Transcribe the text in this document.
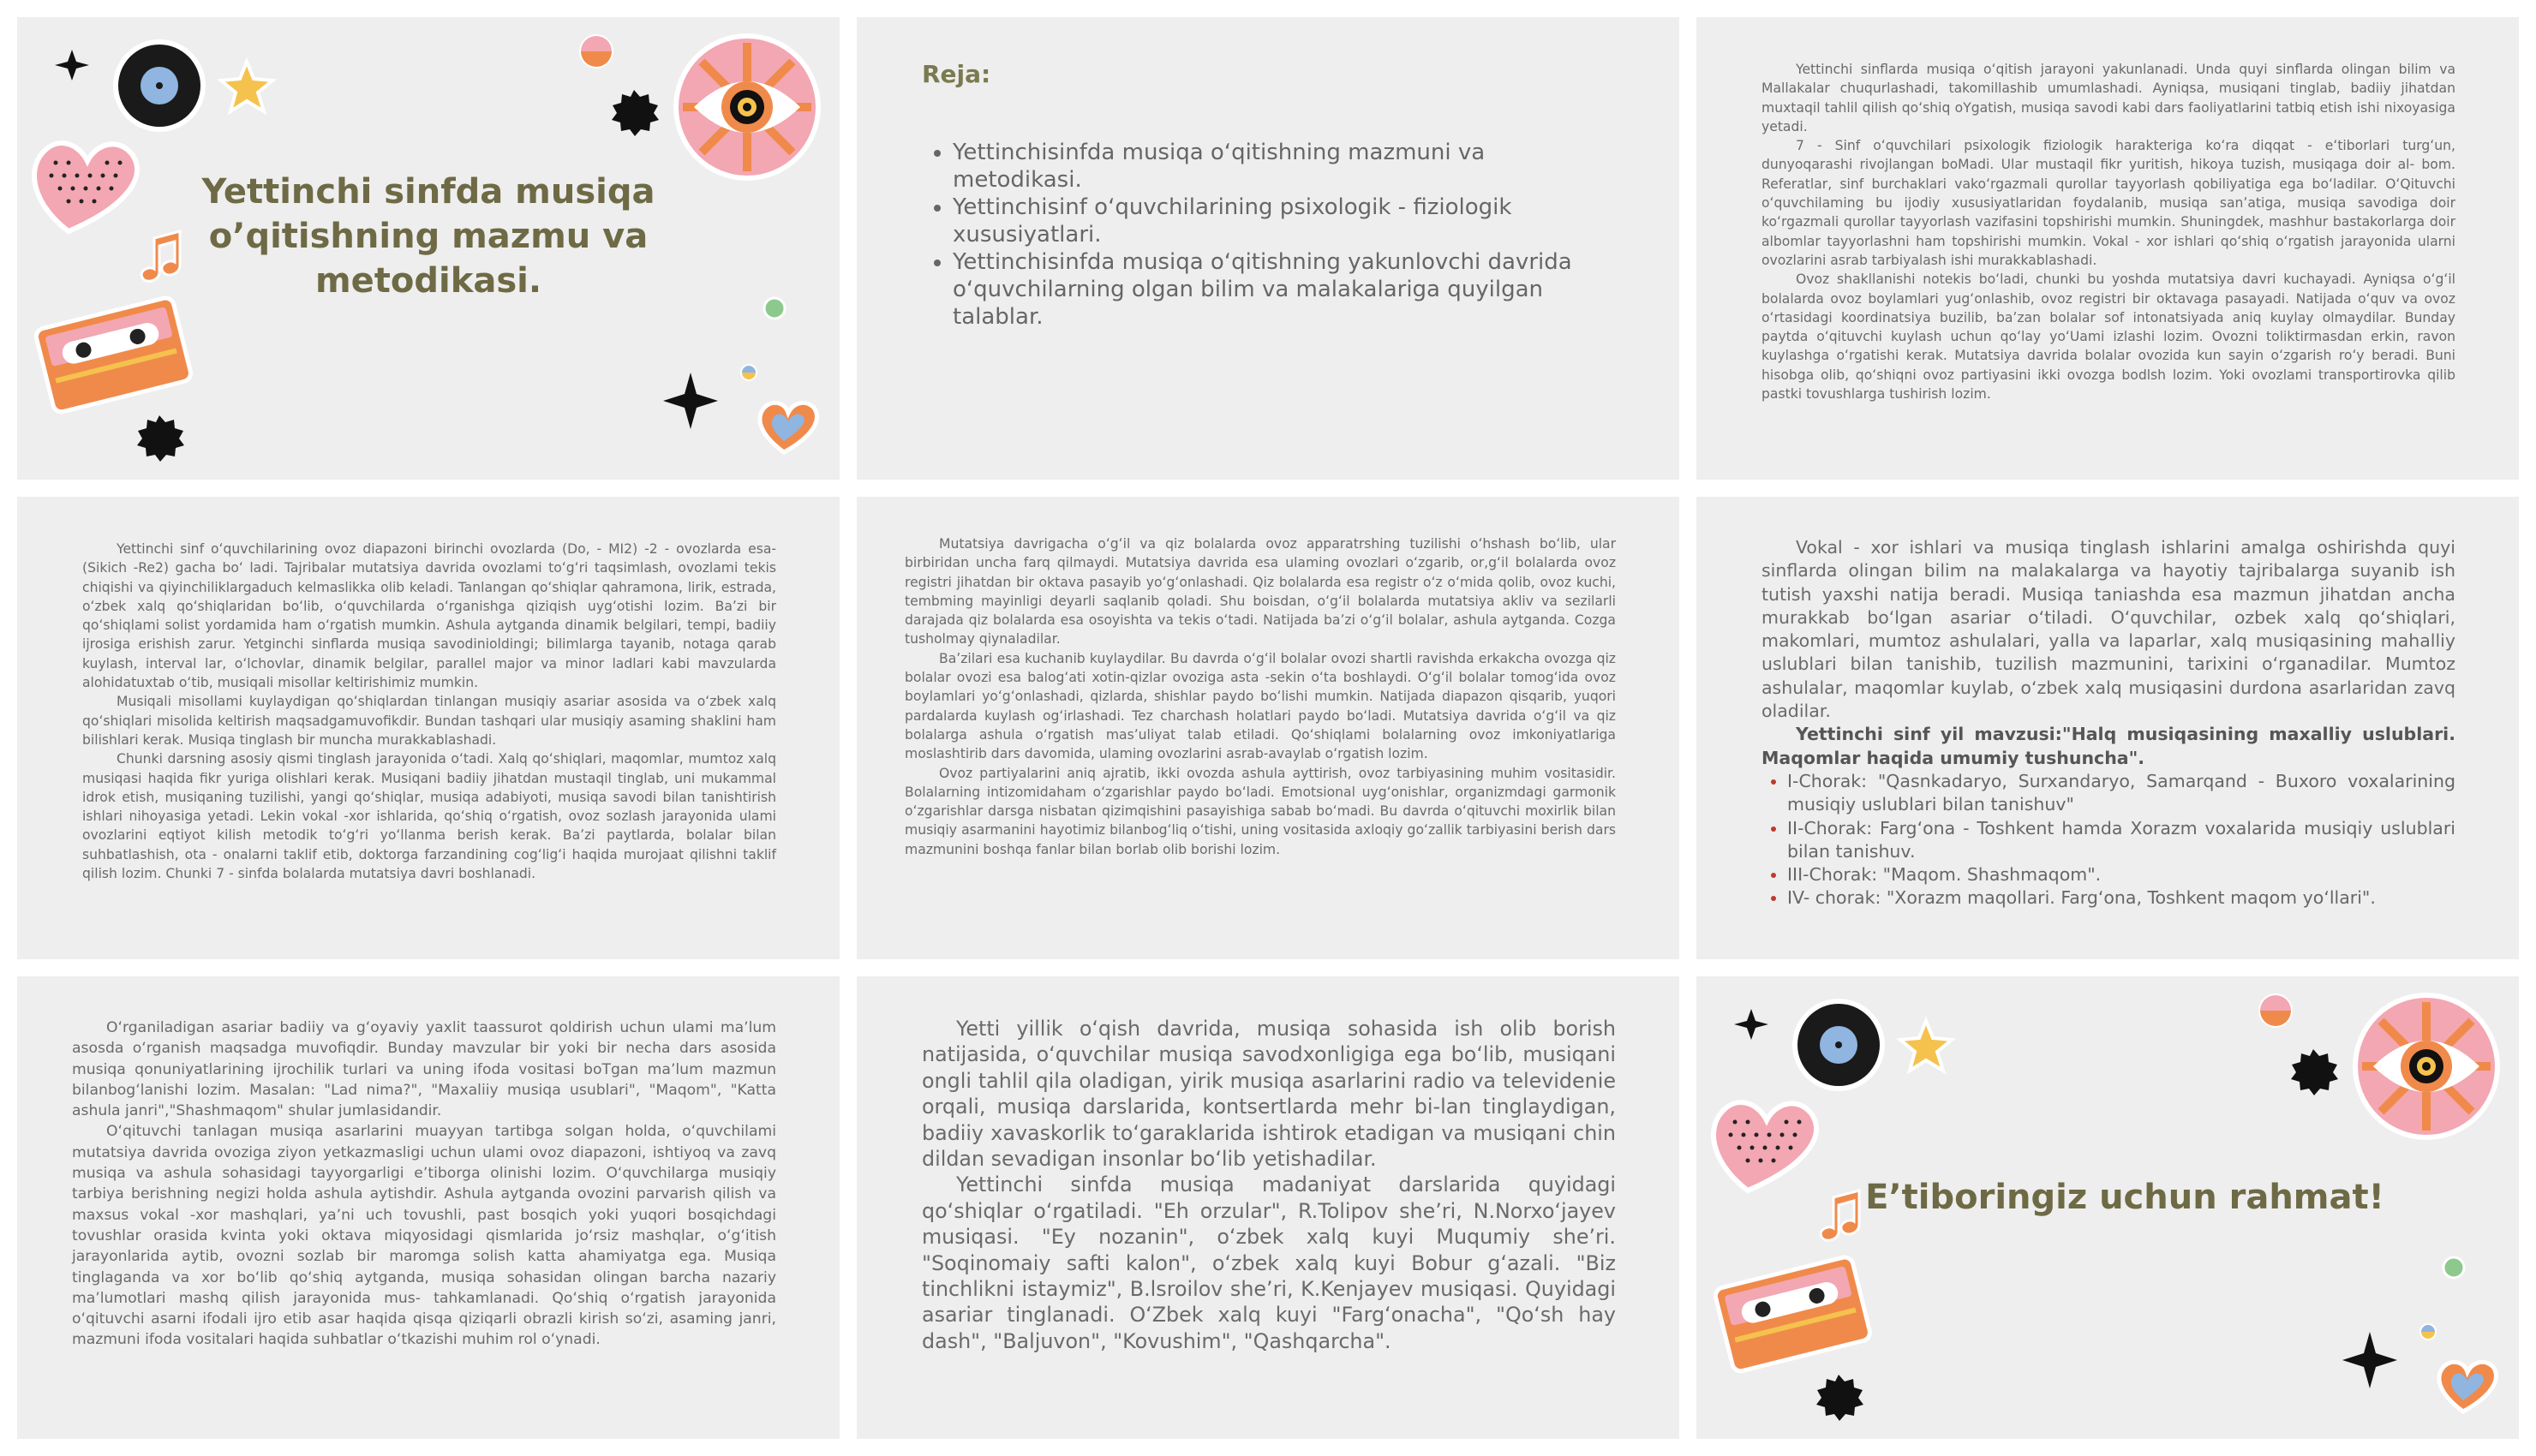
Yettinchi sinfda musiqa
o’qitishning mazmu va
metodikasi.
Reja:
• Yettinchisinfda musiqa oʻqitishning mazmuni va metodikasi.
• Yettinchisinf oʻquvchilarining psixologik - fiziologik xususiyatlari.
• Yettinchisinfda musiqa oʻqitishning yakunlovchi davrida oʻquvchilarning olgan bilim va malakalariga quyilgan talablar.

Yettinchi sinflarda musiqa oʻqitish jarayoni yakunlanadi. Unda quyi sinflarda olingan bilim va Mallakalar chuqurlashadi, takomillashib umumlashadi. Ayniqsa, musiqani tinglab, badiiy jihatdan muxtaqil tahlil qilish qoʻshiq oYgatish, musiqa savodi kabi dars faoliyatlarini tatbiq etish ishi nixoyasiga yetadi.

7 - Sinf oʻquvchilari psixologik fiziologik harakteriga koʻra diqqat - eʻtiborlari turgʻun, dunyoqarashi rivojlangan boMadi. Ular mustaqil fikr yuritish, hikoya tuzish, musiqaga doir al- bom. Referatlar, sinf burchaklari vakoʻrgazmali qurollar tayyorlash qobiliyatiga ega boʻladilar. OʻQituvchi oʻquvchilaming bu ijodiy xususiyatlaridan foydalanib, musiqa sanʼatiga, musiqa savodiga doir koʻrgazmali qurollar tayyorlash vazifasini topshirishi mumkin. Shuningdek, mashhur bastakorlarga doir albomlar tayyorlashni ham topshirishi mumkin. Vokal - xor ishlari qoʻshiq oʻrgatish jarayonida ularni ovozlarini asrab tarbiyalash ishi murakkablashadi.

Ovoz shakllanishi notekis boʻladi, chunki bu yoshda mutatsiya davri kuchayadi. Ayniqsa oʻgʻil bolalarda ovoz boylamlari yugʻonlashib, ovoz registri bir oktavaga pasayadi. Natijada oʻquv va ovoz oʻrtasidagi koordinatsiya buzilib, baʼzan bolalar sof intonatsiyada aniq kuylay olmaydilar. Bunday paytda oʻqituvchi kuylash uchun qoʻlay yoʻUami izlashi lozim. Ovozni toliktirmasdan erkin, ravon kuylashga oʻrgatishi kerak. Mutatsiya davrida bolalar ovozida kun sayin oʻzgarish roʻy beradi. Buni hisobga olib, qoʻshiqni ovoz partiyasini ikki ovozga bodlsh lozim. Yoki ovozlami transportirovka qilib pastki tovushlarga tushirish lozim.

Yettinchi sinf oʻquvchilarining ovoz diapazoni birinchi ovozlarda (Do, - MI2) -2 - ovozlarda esa- (Sikich -Re2) gacha boʻ ladi. Tajribalar mutatsiya davrida ovozlami toʻgʻri taqsimlash, ovozlami tekis chiqishi va qiyinchiliklargaduch kelmaslikka olib keladi. Tanlangan qoʻshiqlar qahramona, lirik, estrada, oʻzbek xalq qoʻshiqlaridan boʻlib, oʻquvchilarda oʻrganishga qiziqish uygʻotishi lozim. Baʼzi bir qoʻshiqlami solist yordamida ham oʻrgatish mumkin. Ashula aytganda dinamik belgilari, tempi, badiiy ijrosiga erishish zarur. Yetginchi sinflarda musiqa savodinioldingi; bilimlarga tayanib, notaga qarab kuylash, interval lar, oʻlchovlar, dinamik belgilar, parallel major va minor ladlari kabi mavzularda alohidatuxtab oʻtib, musiqali misollar keltirishimiz mumkin.

Musiqali misollami kuylaydigan qoʻshiqlardan tinlangan musiqiy asariar asosida va oʻzbek xalq qoʻshiqlari misolida keltirish maqsadgamuvofikdir. Bundan tashqari ular musiqiy asaming shaklini ham bilishlari kerak. Musiqa tinglash bir muncha murakkablashadi.

Chunki darsning asosiy qismi tinglash jarayonida oʻtadi. Xalq qoʻshiqlari, maqomlar, mumtoz xalq musiqasi haqida fikr yuriga olishlari kerak. Musiqani badiiy jihatdan mustaqil tinglab, uni mukammal idrok etish, musiqaning tuzilishi, yangi qoʻshiqlar, musiqa adabiyoti, musiqa savodi bilan tanishtirish ishlari nihoyasiga yetadi. Lekin vokal -xor ishlarida, qoʻshiq oʻrgatish, ovoz sozlash jarayonida ulami ovozlarini eqtiyot kilish metodik toʻgʻri yoʻllanma berish kerak. Baʼzi paytlarda, bolalar bilan suhbatlashish, ota - onalarni taklif etib, doktorga farzandining cogʻligʻi haqida murojaat qilishni taklif qilish lozim. Chunki 7 - sinfda bolalarda mutatsiya davri boshlanadi.

Mutatsiya davrigacha oʻgʻil va qiz bolalarda ovoz apparatrshing tuzilishi oʻhshash boʻlib, ular birbiridan uncha farq qilmaydi. Mutatsiya davrida esa ulaming ovozlari oʻzgarib, or,gʻil bolalarda ovoz registri jihatdan bir oktava pasayib yoʻgʻonlashadi. Qiz bolalarda esa registr oʻz oʻmida qolib, ovoz kuchi, tembming mayinligi deyarli saqlanib qoladi. Shu boisdan, oʻgʻil bolalarda mutatsiya akliv va sezilarli darajada qiz bolalarda esa osoyishta va tekis oʻtadi. Natijada baʼzi oʻgʻil bolalar, ashula aytganda. Cozga tusholmay qiynaladilar.

Baʼzilari esa kuchanib kuylaydilar. Bu davrda oʻgʻil bolalar ovozi shartli ravishda erkakcha ovozga qiz bolalar ovozi esa balogʻati xotin-qizlar ovoziga asta -sekin oʻta boshlaydi. Oʻgʻil bolalar tomogʻida ovoz boylamlari yoʻgʻonlashadi, qizlarda, shishlar paydo boʻlishi mumkin. Natijada diapazon qisqarib, yuqori pardalarda kuylash ogʻirlashadi. Tez charchash holatlari paydo boʻladi. Mutatsiya davrida oʻgʻil va qiz bolalarga ashula oʻrgatish masʼuliyat talab etiladi. Qoʻshiqlami bolalarning ovoz imkoniyatlariga moslashtirib dars davomida, ulaming ovozlarini asrab-avaylab oʻrgatish lozim.

Ovoz partiyalarini aniq ajratib, ikki ovozda ashula ayttirish, ovoz tarbiyasining muhim vositasidir. Bolalarning intizomidaham oʻzgarishlar paydo boʻladi. Emotsional uygʻonishlar, organizmdagi garmonik oʻzgarishlar darsga nisbatan qizimqishini pasayishiga sabab boʻmadi. Bu davrda oʻqituvchi moxirlik bilan musiqiy asarmanini hayotimiz bilanbogʻliq oʻtishi, uning vositasida axloqiy goʻzallik tarbiyasini berish dars mazmunini boshqa fanlar bilan borlab olib borishi lozim.

Vokal - xor ishlari va musiqa tinglash ishlarini amalga oshirishda quyi sinflarda olingan bilim na malakalarga va hayotiy tajribalarga suyanib ish tutish yaxshi natija beradi. Musiqa taniashda esa mazmun jihatdan ancha murakkab boʻlgan asariar oʻtiladi. Oʻquvchilar, ozbek xalq qoʻshiqlari, makomlari, mumtoz ashulalari, yalla va laparlar, xalq musiqasining mahalliy uslublari bilan tanishib, tuzilish mazmunini, tarixini oʻrganadilar. Mumtoz ashulalar, maqomlar kuylab, oʻzbek xalq musiqasini durdona asarlaridan zavq oladilar.

Yettinchi sinf yil mavzusi:"Halq musiqasining maxalliy uslublari. Maqomlar haqida umumiy tushuncha".

• I-Chorak: "Qasnkadaryo, Surxandaryo, Samarqand - Buxoro voxalarining musiqiy uslublari bilan tanishuv"
• II-Chorak: Fargʻona - Toshkent hamda Xorazm voxalarida musiqiy uslublari bilan tanishuv.
• III-Chorak: "Maqom. Shashmaqom".
• IV- chorak: "Xorazm maqollari. Fargʻona, Toshkent maqom yoʻllari".

Oʻrganiladigan asariar badiiy va gʻoyaviy yaxlit taassurot qoldirish uchun ulami maʼlum asosda oʻrganish maqsadga muvofiqdir. Bunday mavzular bir yoki bir necha dars asosida musiqa qonuniyatlarining ijrochilik turlari va uning ifoda vositasi boTgan maʼlum mazmun bilanbogʻlanishi lozim. Masalan: "Lad nima?", "Maxaliiy musiqa usublari", "Maqom", "Katta ashula janri","Shashmaqom" shular jumlasidandir.

Oʻqituvchi tanlagan musiqa asarlarini muayyan tartibga solgan holda, oʻquvchilami mutatsiya davrida ovoziga ziyon yetkazmasligi uchun ulami ovoz diapazoni, ishtiyoq va zavq musiqa va ashula sohasidagi tayyorgarligi eʼtiborga olinishi lozim. Oʻquvchilarga musiqiy tarbiya berishning negizi holda ashula aytishdir. Ashula aytganda ovozini parvarish qilish va maxsus vokal -xor mashqlari, yaʼni uch tovushli, past bosqich yoki yuqori bosqichdagi tovushlar orasida kvinta yoki oktava miqyosidagi qismlarida joʻrsiz mashqlar, oʻgʻitish jarayonlarida aytib, ovozni sozlab bir maromga solish katta ahamiyatga ega. Musiqa tinglaganda va xor boʻlib qoʻshiq aytganda, musiqa sohasidan olingan barcha nazariy maʼlumotlari mashq qilish jarayonida mus- tahkamlanadi. Qoʻshiq oʻrgatish jarayonida oʻqituvchi asarni ifodali ijro etib asar haqida qisqa qiziqarli obrazli kirish soʻzi, asaming janri, mazmuni ifoda vositalari haqida suhbatlar oʻtkazishi muhim rol oʻynadi.

Yetti yillik oʻqish davrida, musiqa sohasida ish olib borish natijasida, oʻquvchilar musiqa savodxonligiga ega boʻlib, musiqani ongli tahlil qila oladigan, yirik musiqa asarlarini radio va televidenie orqali, musiqa darslarida, kontsertlarda mehr bi-lan tinglaydigan, badiiy xavaskorlik toʻgaraklarida ishtirok etadigan va musiqani chin dildan sevadigan insonlar boʻlib yetishadilar.

Yettinchi sinfda musiqa madaniyat darslarida quyidagi qoʻshiqlar oʻrgatiladi. "Eh orzular", R.Tolipov sheʼri, N.Norxoʻjayev musiqasi. "Ey nozanin", oʻzbek xalq kuyi Muqumiy sheʼri. "Soqinomaiy safti kalon", oʻzbek xalq kuyi Bobur gʻazali. "Biz tinchlikni istaymiz", B.lsroilov sheʼri, K.Kenjayev musiqasi. Quyidagi asariar tinglanadi. OʻZbek xalq kuyi "Fargʻonacha", "Qoʻsh hay dash", "Baljuvon", "Kovushim", "Qashqarcha".

E’tiboringiz uchun rahmat!
